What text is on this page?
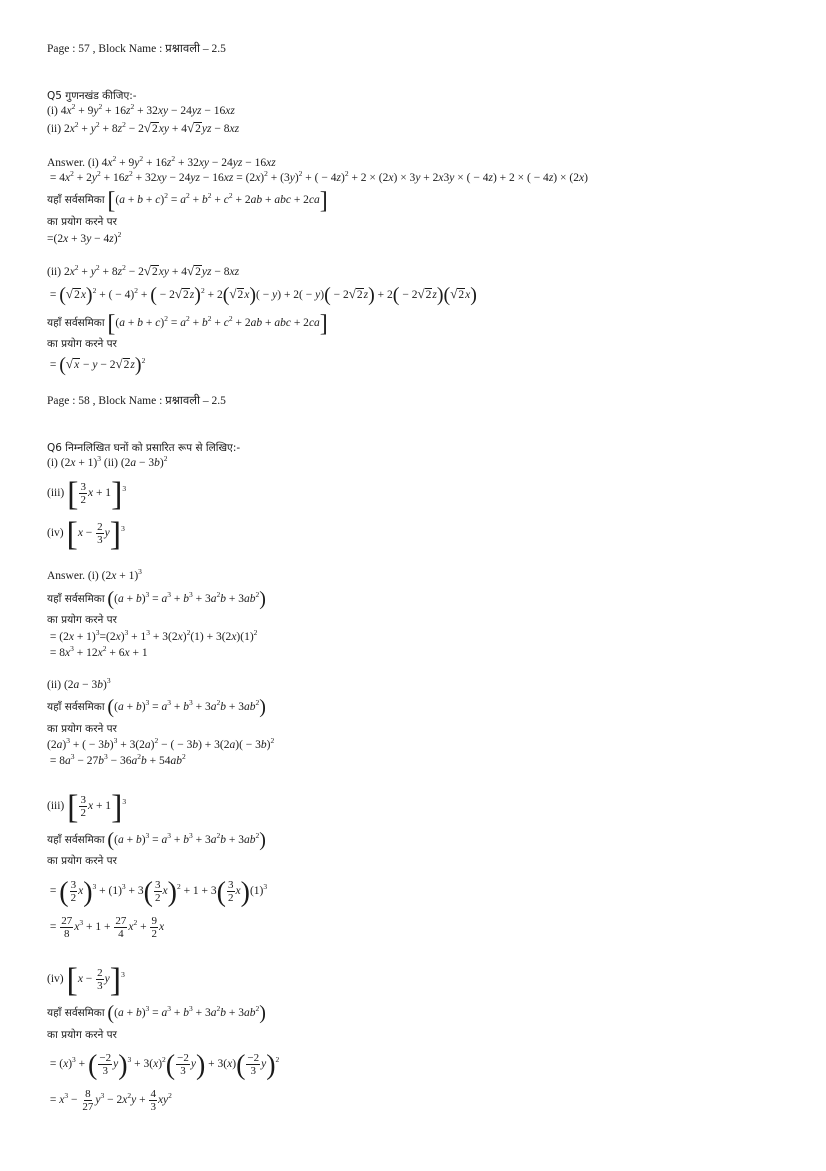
Page : 57 , Block Name : प्रश्नावली – 2.5
Q5 गुणनखंड कीजिए:-
(i) $4x^2 + 9y^2 + 16z^2 + 32xy - 24yz - 16xz$
(ii) $2x^2 + y^2 + 8z^2 - 2√2xy + 4√2yz - 8xz$
Answer. (i) $4x^2 + 9y^2 + 16z^2 + 32xy - 24yz - 16xz$
= $4x^2 + 2y^2 + 16z^2 + 32xy - 24yz - 16xz = (2x)^2 + (3y)^2$ + ( − 4z)$^2$ + 2 × (2x) × 3y + 2x3y × ( − 4z) + 2 × ( − 4z) × (2x)
यहाँ सर्वसमिका [$(a + b + c)^2 = a^2 + b^2 + c^2 + 2ab$ + abc + 2ca]
का प्रयोग करने पर
$=(2x + 3y - 4z)^2$
(ii) $2x^2 + y^2 + 8z^2 - 2√2xy + 4√2yz - 8xz$
= $(√2x)^2$ + ( − 4)$^2$ + ( − 2√2z)$^2$ + 2(√2x)( − y) + 2( − y)( − 2√2z) + 2( − 2√2z)(√2x)
यहाँ सर्वसमिका [$(a + b + c)^2 = a^2 + b^2 + c^2 + 2ab$ + abc + 2ca]
का प्रयोग करने पर
= $(√x - y - 2√2z)^2$
Page : 58 , Block Name : प्रश्नावली – 2.5
Q6 निम्नलिखित घनों को प्रसारित रूप से लिखिए:-
(i) $(2x + 1)^3$ (ii) $(2a - 3b)^2$
(iii) [ $\frac{3}{2}$ x + 1]$^3$
(iv) $[x - \frac{2}{3} y]^3$
Answer. (i) $(2x + 1)^3$
यहाँ सर्वसमिका $((a + b)^3 = a^3 + b^3 + 3a^2b + 3ab^2)$
का प्रयोग करने पर
= $(2x + 1)^3=(2x)^3 + 1^3 + 3(2x)^2(1) + 3(2x)(1)^2$
= $8x^3 + 12x^2 + 6x + 1$
(ii) $(2a - 3b)^3$
यहाँ सर्वसमिका $((a + b)^3 = a^3 + b^3 + 3a^2b + 3ab^2)$
का प्रयोग करने पर
$(2a)^3$ + ( − $3b)^3 + 3(2a)^2$ − ( − $3b) + 3(2a)( - 3b)^2$
= $8a^3 - 27b^3 - 36a^2b + 54ab^2$
(iii) [ $\frac{3}{2}$ x + 1]$^3$
यहाँ सर्वसमिका $((a + b)^3 = a^3 + b^3 + 3a^2b + 3ab^2)$
का प्रयोग करने पर
= ( $\frac{3}{2} x)^3 + (1)^3 + 3( \frac{3}{2} x)^2 + 1 + 3( \frac{3}{2} x)(1)^3$
= $\frac{27}{8} x^3 + 1 + \frac{27}{4} x^2 + \frac{9}{2}$ x
(iv) $[x - \frac{2}{3} y]^3$
यहाँ सर्वसमिका $((a + b)^3 = a^3 + b^3 + 3a^2b + 3ab^2)$
का प्रयोग करने पर
= $(x)^3$ + ( $\frac{-2}{3} y)^3 + 3(x)^2( \frac{-2}{3} y) + 3(x)( \frac{-2}{3} y)^2$
= $x^3 - \frac{8}{27} y^3 - 2x^2y + \frac{4}{3} xy^2$
